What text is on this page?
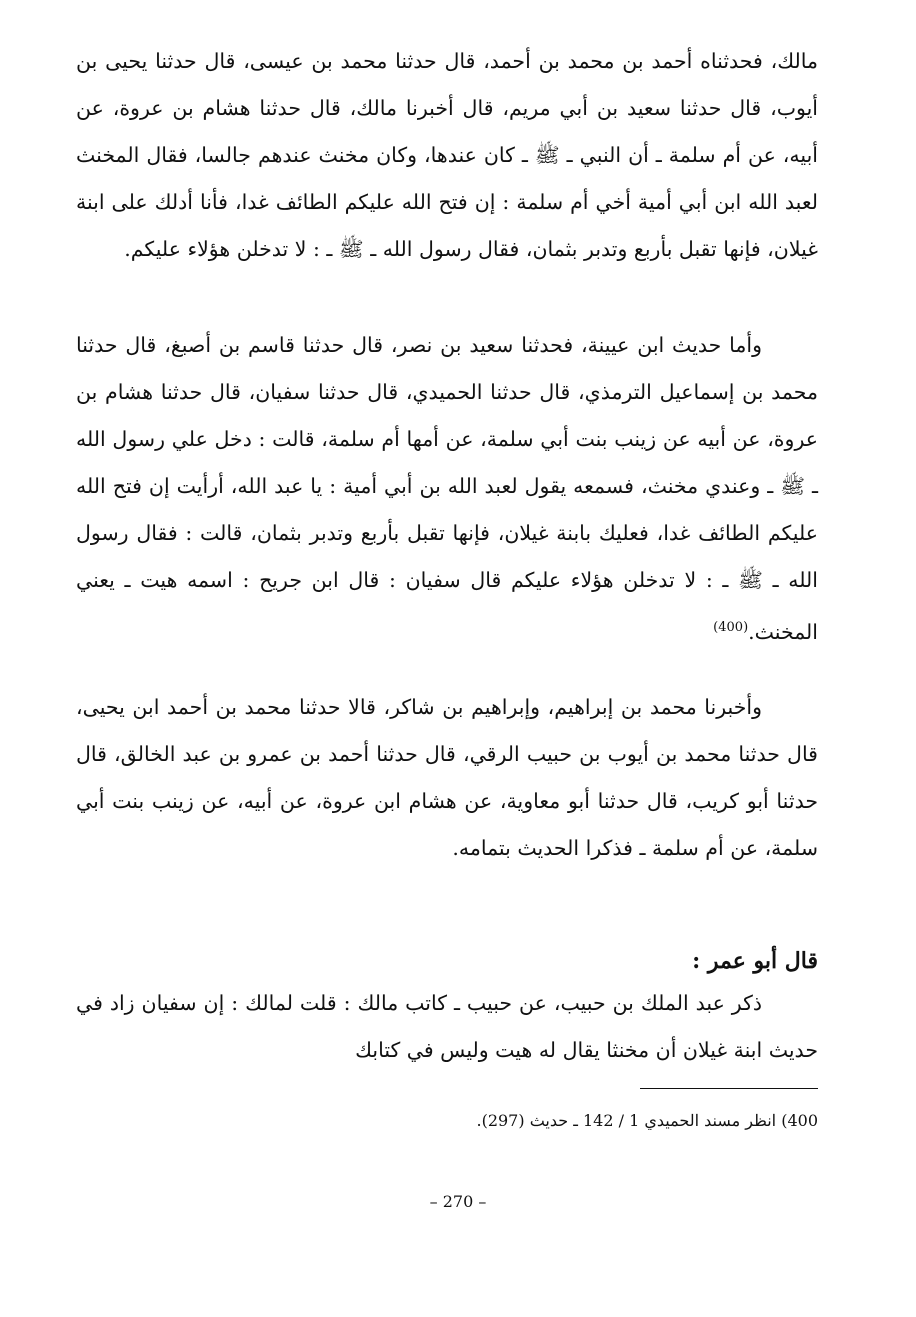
مالك، فحدثناه أحمد بن محمد بن أحمد، قال حدثنا محمد بن عيسى، قال حدثنا يحيى بن أيوب، قال حدثنا سعيد بن أبي مريم، قال أخبرنا مالك، قال حدثنا هشام بن عروة، عن أبيه، عن أم سلمة ـ أن النبي ـ ﷺ ـ كان عندها، وكان مخنث عندهم جالسا، فقال المخنث لعبد الله ابن أبي أمية أخي أم سلمة : إن فتح الله عليكم الطائف غدا، فأنا أدلك على ابنة غيلان، فإنها تقبل بأربع وتدبر بثمان، فقال رسول الله ـ ﷺ ـ : لا تدخلن هؤلاء عليكم.

وأما حديث ابن عيينة، فحدثنا سعيد بن نصر، قال حدثنا قاسم بن أصبغ، قال حدثنا محمد بن إسماعيل الترمذي، قال حدثنا الحميدي، قال حدثنا سفيان، قال حدثنا هشام بن عروة، عن أبيه عن زينب بنت أبي سلمة، عن أمها أم سلمة، قالت : دخل علي رسول الله ـ ﷺ ـ وعندي مخنث، فسمعه يقول لعبد الله بن أبي أمية : يا عبد الله، أرأيت إن فتح الله عليكم الطائف غدا، فعليك بابنة غيلان، فإنها تقبل بأربع وتدبر بثمان، قالت : فقال رسول الله ـ ﷺ ـ : لا تدخلن هؤلاء عليكم قال سفيان : قال ابن جريح : اسمه هيت ـ يعني المخنث.$^{(400)}$

وأخبرنا محمد بن إبراهيم، وإبراهيم بن شاكر، قالا حدثنا محمد بن أحمد ابن يحيى، قال حدثنا محمد بن أيوب بن حبيب الرقي، قال حدثنا أحمد بن عمرو بن عبد الخالق، قال حدثنا أبو كريب، قال حدثنا أبو معاوية، عن هشام ابن عروة، عن أبيه، عن زينب بنت أبي سلمة، عن أم سلمة ـ فذكرا الحديث بتمامه.

قال أبو عمر :

ذكر عبد الملك بن حبيب، عن حبيب ـ كاتب مالك : قلت لمالك : إن سفيان زاد في حديث ابنة غيلان أن مخنثا يقال له هيت وليس في كتابك

400) انظر مسند الحميدي 1 / 142 ـ حديث (297).
– 270 –
